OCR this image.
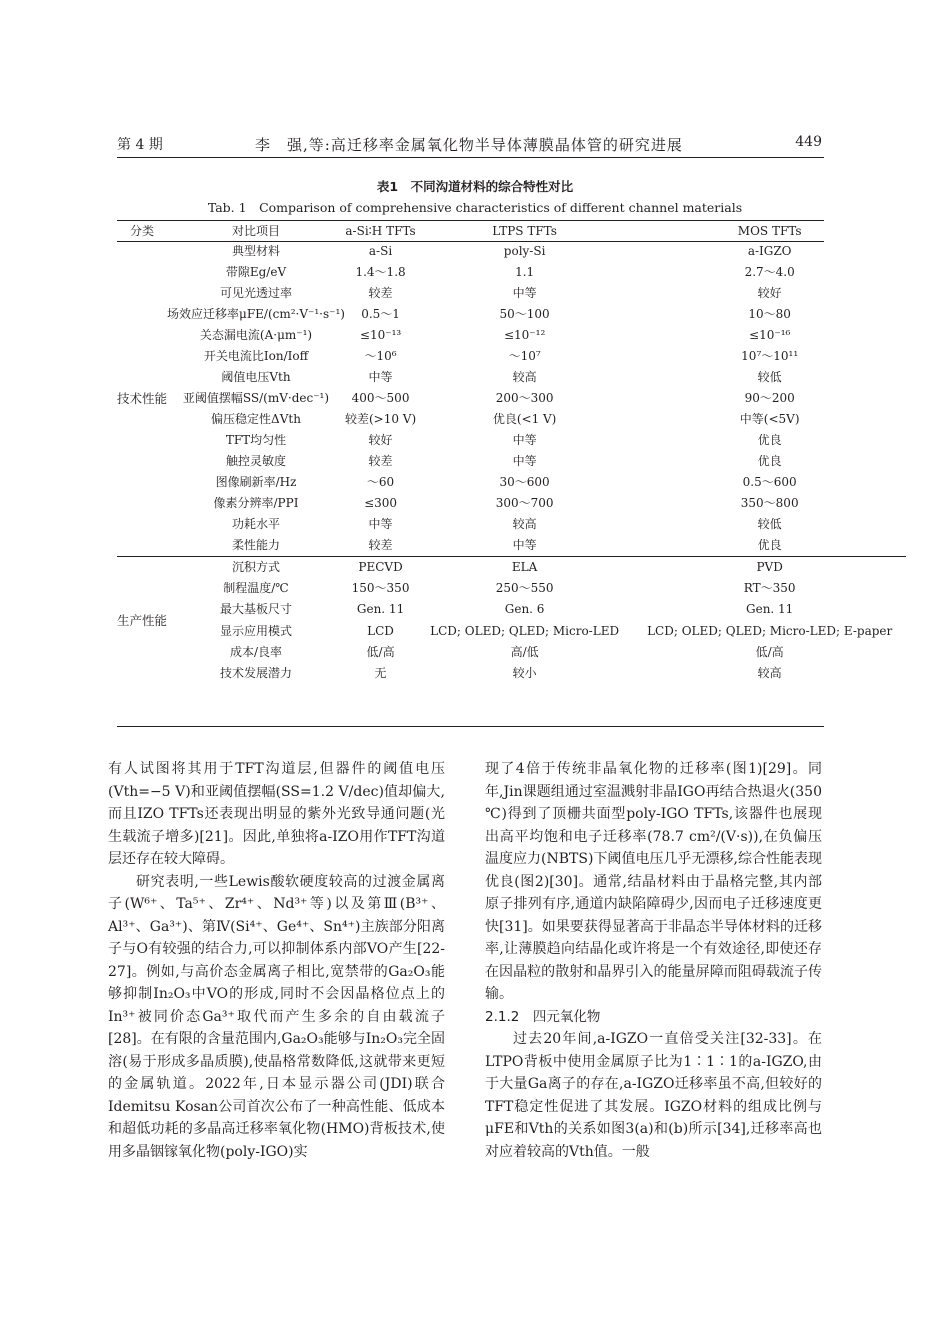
第 4 期	李　强,等:高迁移率金属氧化物半导体薄膜晶体管的研究进展	449
表1　不同沟道材料的综合特性对比
Tab. 1　Comparison of comprehensive characteristics of different channel materials
分类	对比项目	a-Si∶H TFTs	LTPS TFTs	MOS TFTs
技术性能	典型材料	a-Si	poly-Si	a-IGZO
	带隙Eg/eV	1.4～1.8	1.1	2.7～4.0
	可见光透过率	较差	中等	较好
	场效应迁移率μFE/(cm²·V⁻¹·s⁻¹)	0.5～1	50～100	10～80
	关态漏电流(A·μm⁻¹)	≤10⁻¹³	≤10⁻¹²	≤10⁻¹⁶
	开关电流比Ion/Ioff	～10⁶	～10⁷	10⁷～10¹¹
	阈值电压Vth	中等	较高	较低
	亚阈值摆幅SS/(mV·dec⁻¹)	400～500	200～300	90～200
	偏压稳定性ΔVth	较差(>10 V)	优良(<1 V)	中等(<5V)
	TFT均匀性	较好	中等	优良
	触控灵敏度	较差	中等	优良
	图像刷新率/Hz	～60	30～600	0.5～600
	像素分辨率/PPI	≤300	300～700	350～800
	功耗水平	中等	较高	较低
	柔性能力	较差	中等	优良
生产性能	沉积方式	PECVD	ELA	PVD
	制程温度/℃	150～350	250～550	RT～350
	最大基板尺寸	Gen. 11	Gen. 6	Gen. 11
	显示应用模式	LCD	LCD; OLED; QLED; Micro-LED	LCD; OLED; QLED; Micro-LED; E-paper
	成本/良率	低/高	高/低	低/高
	技术发展潜力	无	较小	较高

有人试图将其用于TFT沟道层,但器件的阈值电压(Vth=−5 V)和亚阈值摆幅(SS=1.2 V/dec)值却偏大,而且IZO TFTs还表现出明显的紫外光致导通问题(光生载流子增多)[21]。因此,单独将a-IZO用作TFT沟道层还存在较大障碍。

研究表明,一些Lewis酸软硬度较高的过渡金属离子(W⁶⁺、Ta⁵⁺、Zr⁴⁺、Nd³⁺等)以及第Ⅲ(B³⁺、Al³⁺、Ga³⁺)、第Ⅳ(Si⁴⁺、Ge⁴⁺、Sn⁴⁺)主族部分阳离子与O有较强的结合力,可以抑制体系内部VO产生[22-27]。例如,与高价态金属离子相比,宽禁带的Ga₂O₃能够抑制In₂O₃中VO的形成,同时不会因晶格位点上的In³⁺被同价态Ga³⁺取代而产生多余的自由载流子[28]。在有限的含量范围内,Ga₂O₃能够与In₂O₃完全固溶(易于形成多晶质膜),使晶格常数降低,这就带来更短的金属轨道。2022年,日本显示器公司(JDI)联合Idemitsu Kosan公司首次公布了一种高性能、低成本和超低功耗的多晶高迁移率氧化物(HMO)背板技术,使用多晶铟镓氧化物(poly-IGO)实

现了4倍于传统非晶氧化物的迁移率(图1)[29]。同年,Jin课题组通过室温溅射非晶IGO再结合热退火(350 ℃)得到了顶栅共面型poly-IGO TFTs,该器件也展现出高平均饱和电子迁移率(78.7 cm²/(V·s)),在负偏压温度应力(NBTS)下阈值电压几乎无漂移,综合性能表现优良(图2)[30]。通常,结晶材料由于晶格完整,其内部原子排列有序,通道内缺陷障碍少,因而电子迁移速度更快[31]。如果要获得显著高于非晶态半导体材料的迁移率,让薄膜趋向结晶化或许将是一个有效途径,即使还存在因晶粒的散射和晶界引入的能量屏障而阻碍载流子传输。

2.1.2　四元氧化物

过去20年间,a-IGZO一直倍受关注[32-33]。在LTPO背板中使用金属原子比为1∶1∶1的a-IGZO,由于大量Ga离子的存在,a-IGZO迁移率虽不高,但较好的TFT稳定性促进了其发展。IGZO材料的组成比例与μFE和Vth的关系如图3(a)和(b)所示[34],迁移率高也对应着较高的Vth值。一般
